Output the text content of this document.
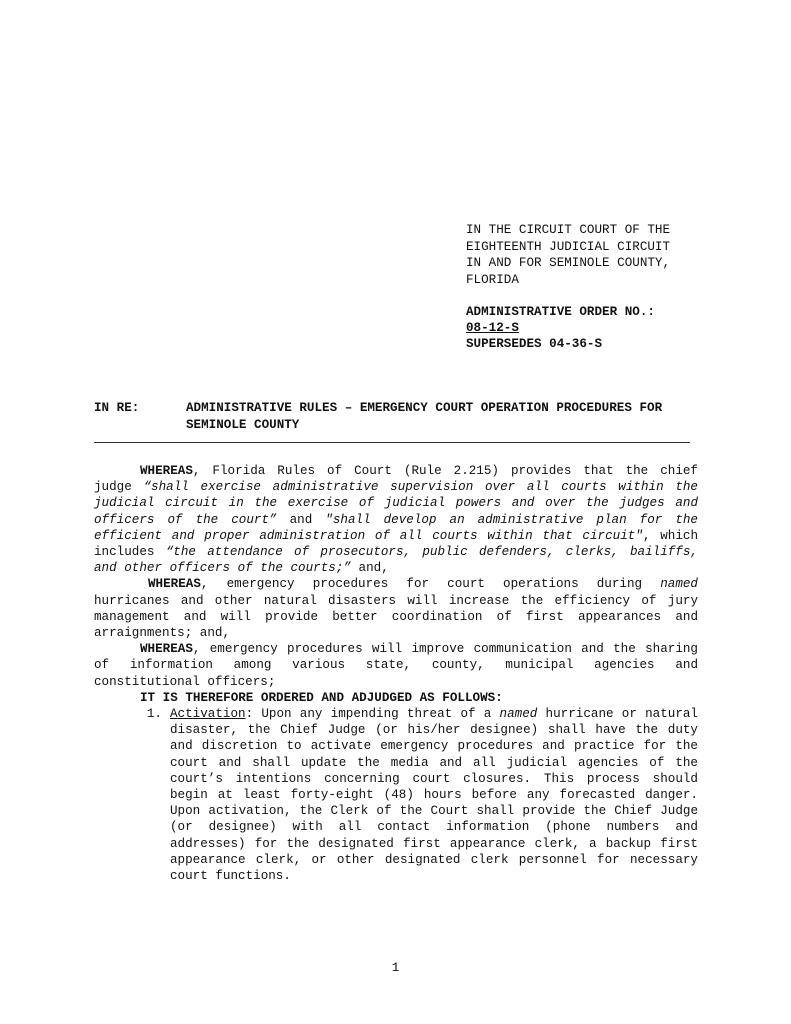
IN THE CIRCUIT COURT OF THE
EIGHTEENTH JUDICIAL CIRCUIT
IN AND FOR SEMINOLE COUNTY,
FLORIDA
ADMINISTRATIVE ORDER NO.:
08-12-S
SUPERSEDES 04-36-S
IN RE:	ADMINISTRATIVE RULES – EMERGENCY COURT OPERATION PROCEDURES FOR SEMINOLE COUNTY

WHEREAS, Florida Rules of Court (Rule 2.215) provides that the chief judge “shall exercise administrative supervision over all courts within the judicial circuit in the exercise of judicial powers and over the judges and officers of the court” and "shall develop an administrative plan for the efficient and proper administration of all courts within that circuit", which includes “the attendance of prosecutors, public defenders, clerks, bailiffs, and other officers of the courts;” and,

WHEREAS, emergency procedures for court operations during named hurricanes and other natural disasters will increase the efficiency of jury management and will provide better coordination of first appearances and arraignments; and,

WHEREAS, emergency procedures will improve communication and the sharing of information among various state, county, municipal agencies and constitutional officers;

IT IS THEREFORE ORDERED AND ADJUDGED AS FOLLOWS:

1. Activation: Upon any impending threat of a named hurricane or natural disaster, the Chief Judge (or his/her designee) shall have the duty and discretion to activate emergency procedures and practice for the court and shall update the media and all judicial agencies of the court’s intentions concerning court closures. This process should begin at least forty-eight (48) hours before any forecasted danger. Upon activation, the Clerk of the Court shall provide the Chief Judge (or designee) with all contact information (phone numbers and addresses) for the designated first appearance clerk, a backup first appearance clerk, or other designated clerk personnel for necessary court functions.
1
